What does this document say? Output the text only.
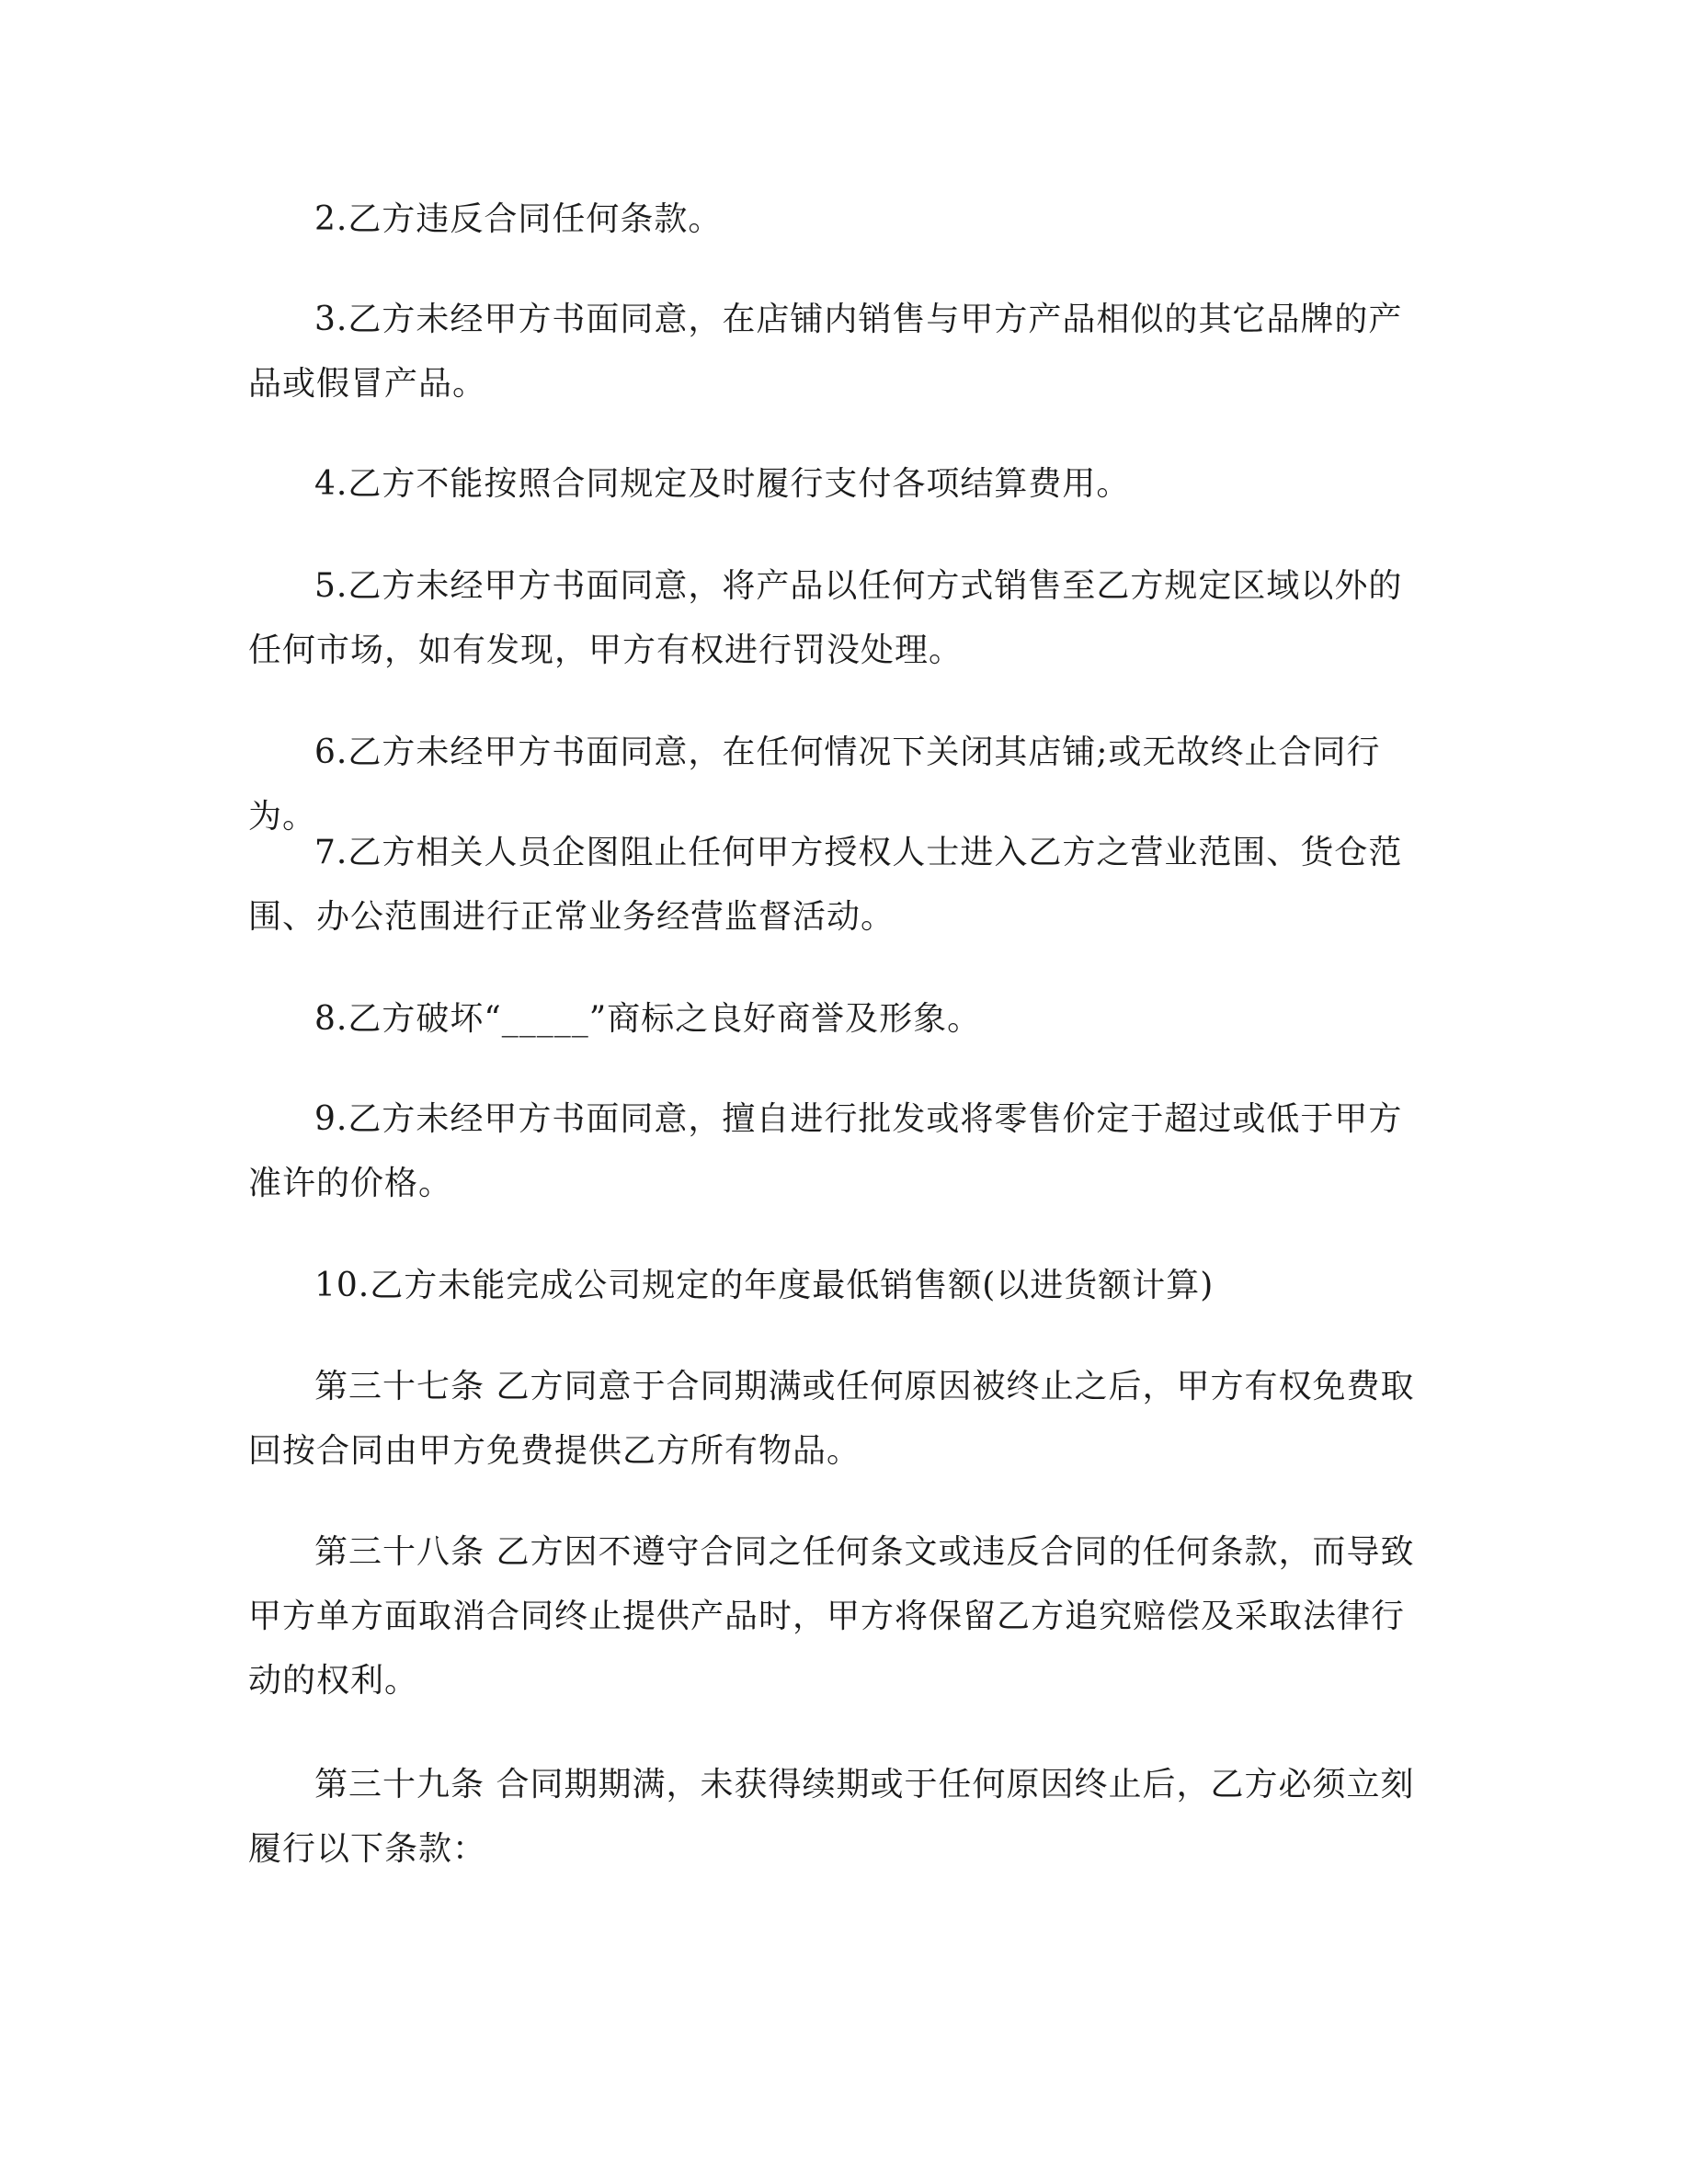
2.乙方违反合同任何条款。

3.乙方未经甲方书面同意，在店铺内销售与甲方产品相似的其它品牌的产品或假冒产品。

4.乙方不能按照合同规定及时履行支付各项结算费用。

5.乙方未经甲方书面同意，将产品以任何方式销售至乙方规定区域以外的任何市场，如有发现，甲方有权进行罚没处理。

6.乙方未经甲方书面同意，在任何情况下关闭其店铺;或无故终止合同行为。

7.乙方相关人员企图阻止任何甲方授权人士进入乙方之营业范围、货仓范围、办公范围进行正常业务经营监督活动。

8.乙方破坏“_____”商标之良好商誉及形象。

9.乙方未经甲方书面同意，擅自进行批发或将零售价定于超过或低于甲方准许的价格。

10.乙方未能完成公司规定的年度最低销售额(以进货额计算)

第三十七条 乙方同意于合同期满或任何原因被终止之后，甲方有权免费取回按合同由甲方免费提供乙方所有物品。

第三十八条 乙方因不遵守合同之任何条文或违反合同的任何条款，而导致甲方单方面取消合同终止提供产品时，甲方将保留乙方追究赔偿及采取法律行动的权利。

第三十九条 合同期期满，未获得续期或于任何原因终止后，乙方必须立刻履行以下条款：
